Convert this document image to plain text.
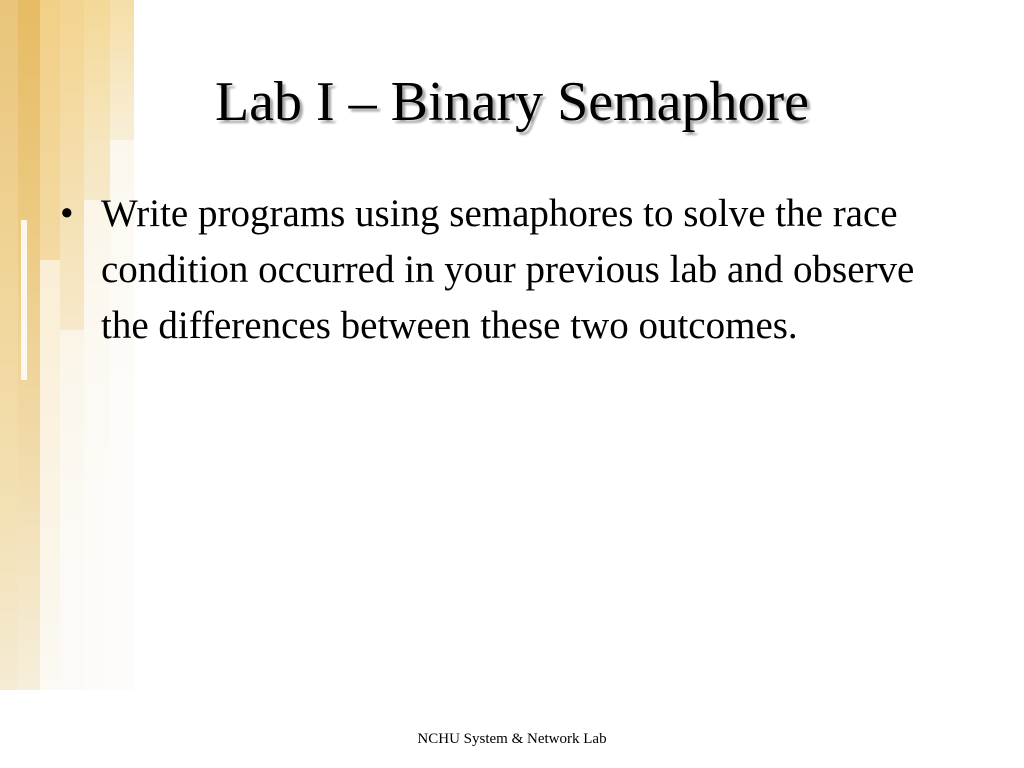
Lab I – Binary Semaphore
• Write programs using semaphores to solve the race condition occurred in your previous lab and observe the differences between these two outcomes.
NCHU System & Network Lab
